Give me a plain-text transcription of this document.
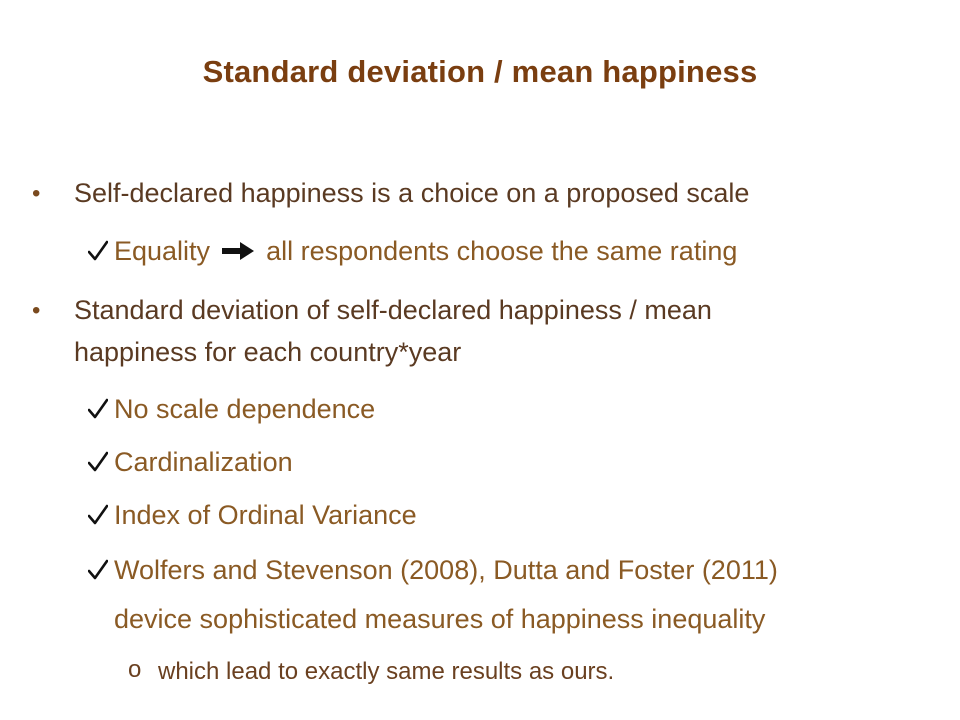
Standard deviation / mean happiness
• Self-declared happiness is a choice on a proposed scale
Equality all respondents choose the same rating
• Standard deviation of self-declared happiness / mean
happiness for each country*year
No scale dependence
Cardinalization
Index of Ordinal Variance
Wolfers and Stevenson (2008), Dutta and Foster (2011)
device sophisticated measures of happiness inequality
o which lead to exactly same results as ours.
